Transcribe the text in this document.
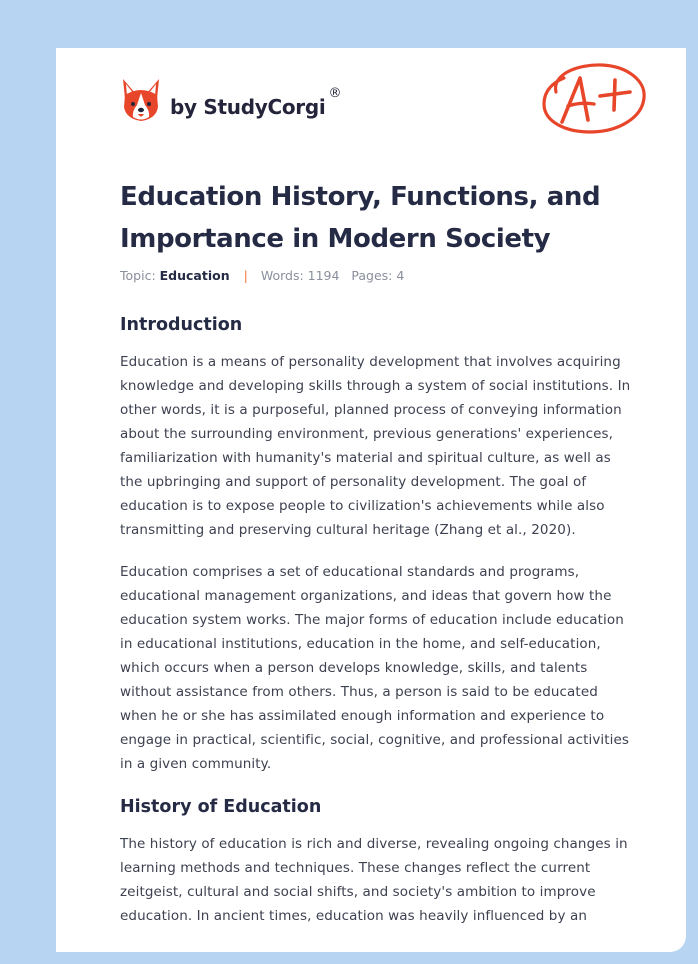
by StudyCorgi
®
Education History, Functions, and Importance in Modern Society
Topic: Education | Words: 1194 Pages: 4
Introduction

Education is a means of personality development that involves acquiring knowledge and developing skills through a system of social institutions. In other words, it is a purposeful, planned process of conveying information about the surrounding environment, previous generations' experiences, familiarization with humanity's material and spiritual culture, as well as the upbringing and support of personality development. The goal of education is to expose people to civilization's achievements while also transmitting and preserving cultural heritage (Zhang et al., 2020).

Education comprises a set of educational standards and programs, educational management organizations, and ideas that govern how the education system works. The major forms of education include education in educational institutions, education in the home, and self-education, which occurs when a person develops knowledge, skills, and talents without assistance from others. Thus, a person is said to be educated when he or she has assimilated enough information and experience to engage in practical, scientific, social, cognitive, and professional activities in a given community.

History of Education

The history of education is rich and diverse, revealing ongoing changes in learning methods and techniques. These changes reflect the current zeitgeist, cultural and social shifts, and society's ambition to improve education. In ancient times, education was heavily influenced by an
